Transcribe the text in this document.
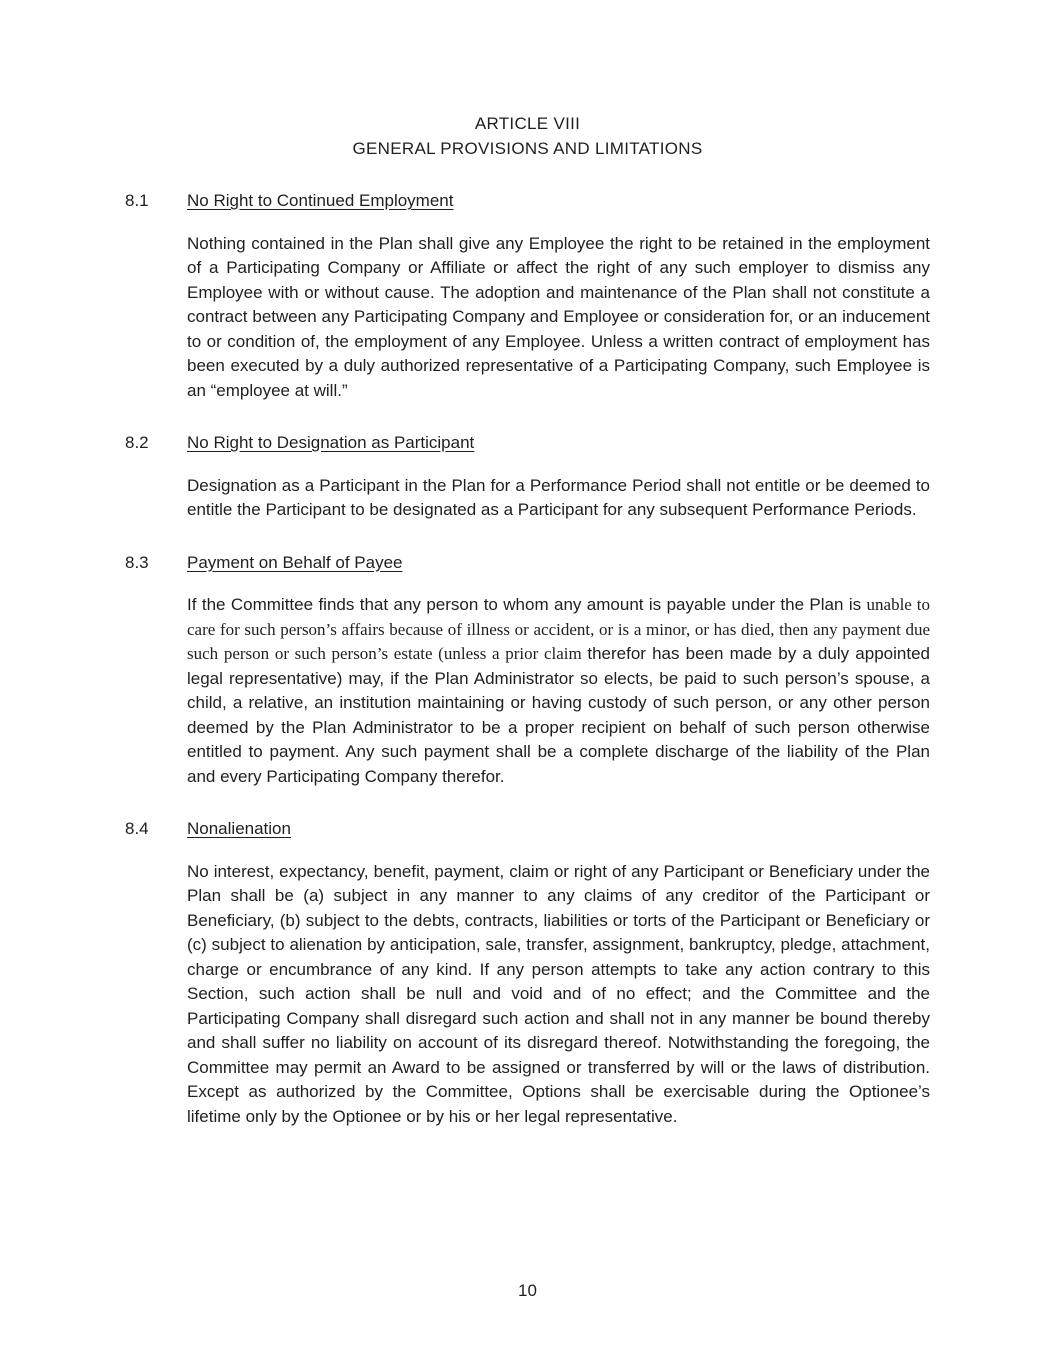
ARTICLE VIII
GENERAL PROVISIONS AND LIMITATIONS
8.1	No Right to Continued Employment

Nothing contained in the Plan shall give any Employee the right to be retained in the employment of a Participating Company or Affiliate or affect the right of any such employer to dismiss any Employee with or without cause. The adoption and maintenance of the Plan shall not constitute a contract between any Participating Company and Employee or consideration for, or an inducement to or condition of, the employment of any Employee. Unless a written contract of employment has been executed by a duly authorized representative of a Participating Company, such Employee is an “employee at will.”

8.2	No Right to Designation as Participant

Designation as a Participant in the Plan for a Performance Period shall not entitle or be deemed to entitle the Participant to be designated as a Participant for any subsequent Performance Periods.

8.3	Payment on Behalf of Payee

If the Committee finds that any person to whom any amount is payable under the Plan is unable to care for such person’s affairs because of illness or accident, or is a minor, or has died, then any payment due such person or such person’s estate (unless a prior claim therefor has been made by a duly appointed legal representative) may, if the Plan Administrator so elects, be paid to such person’s spouse, a child, a relative, an institution maintaining or having custody of such person, or any other person deemed by the Plan Administrator to be a proper recipient on behalf of such person otherwise entitled to payment. Any such payment shall be a complete discharge of the liability of the Plan and every Participating Company therefor.

8.4	Nonalienation

No interest, expectancy, benefit, payment, claim or right of any Participant or Beneficiary under the Plan shall be (a) subject in any manner to any claims of any creditor of the Participant or Beneficiary, (b) subject to the debts, contracts, liabilities or torts of the Participant or Beneficiary or (c) subject to alienation by anticipation, sale, transfer, assignment, bankruptcy, pledge, attachment, charge or encumbrance of any kind. If any person attempts to take any action contrary to this Section, such action shall be null and void and of no effect; and the Committee and the Participating Company shall disregard such action and shall not in any manner be bound thereby and shall suffer no liability on account of its disregard thereof. Notwithstanding the foregoing, the Committee may permit an Award to be assigned or transferred by will or the laws of distribution. Except as authorized by the Committee, Options shall be exercisable during the Optionee’s lifetime only by the Optionee or by his or her legal representative.

10
